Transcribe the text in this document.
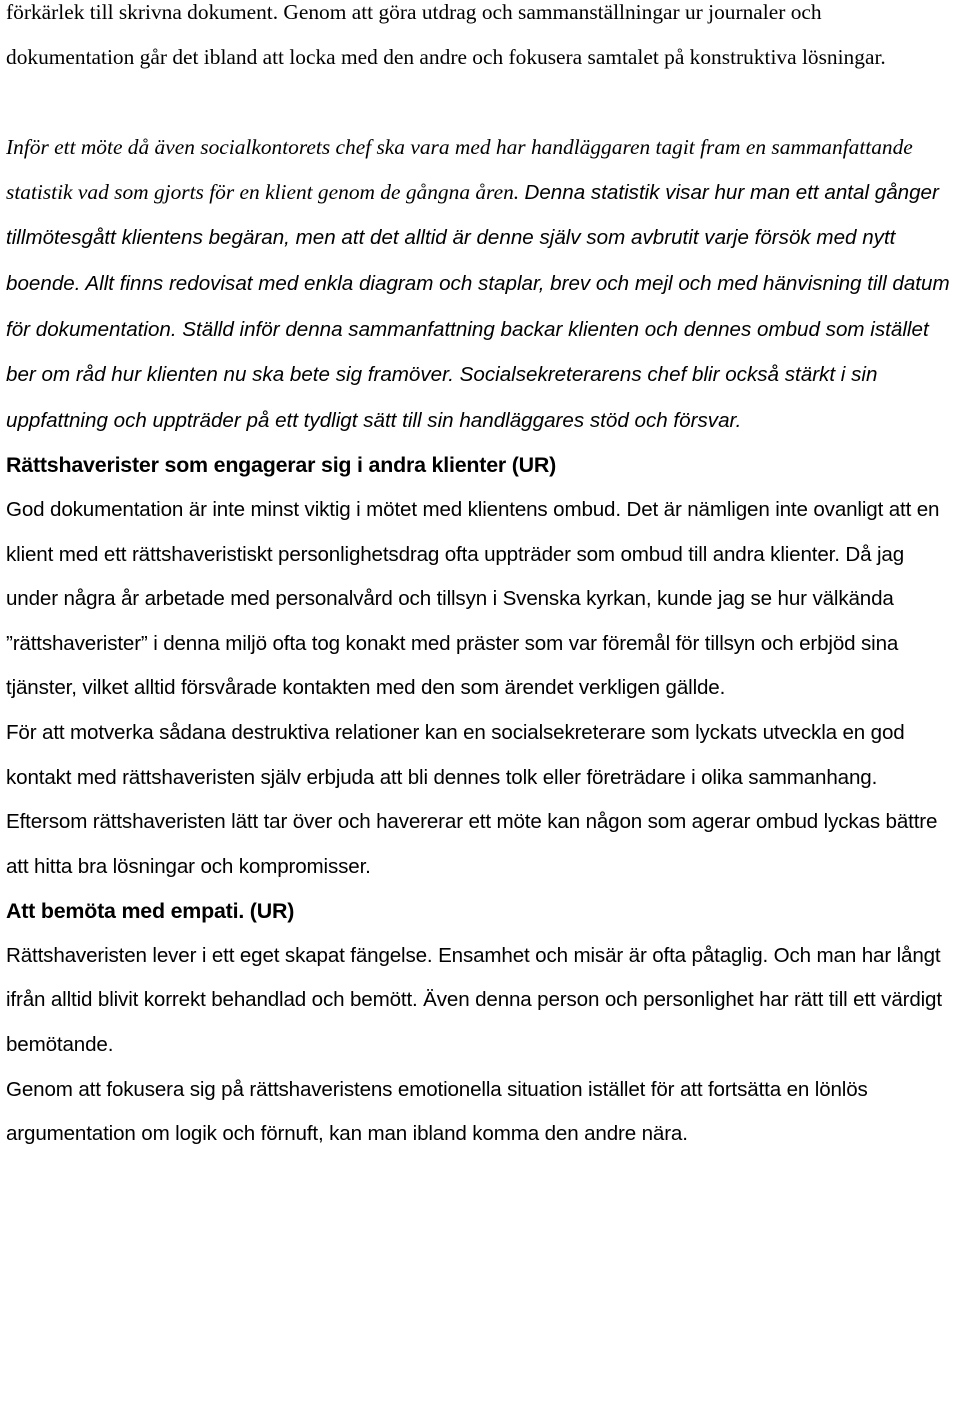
förkärlek till skrivna dokument. Genom att göra utdrag och sammanställningar ur journaler och dokumentation går det ibland att locka med den andre och fokusera samtalet på konstruktiva lösningar.

Inför ett möte då även socialkontorets chef ska vara med har handläggaren tagit fram en sammanfattande statistik vad som gjorts för en klient genom de gångna åren. Denna statistik visar hur man ett antal gånger tillmötesgått klientens begäran, men att det alltid är denne själv som avbrutit varje försök med nytt boende. Allt finns redovisat med enkla diagram och staplar, brev och mejl och med hänvisning till datum för dokumentation. Ställd inför denna sammanfattning backar klienten och dennes ombud som istället ber om råd hur klienten nu ska bete sig framöver. Socialsekreterarens chef blir också stärkt i sin uppfattning och uppträder på ett tydligt sätt till sin handläggares stöd och försvar.

Rättshaverister som engagerar sig i andra klienter (UR)

God dokumentation är inte minst viktig i mötet med klientens ombud. Det är nämligen inte ovanligt att en klient med ett rättshaveristiskt personlighetsdrag ofta uppträder som ombud till andra klienter. Då jag under några år arbetade med personalvård och tillsyn i Svenska kyrkan, kunde jag se hur välkända ”rättshaverister” i denna miljö ofta tog konakt med präster som var föremål för tillsyn och erbjöd sina tjänster, vilket alltid försvårade kontakten med den som ärendet verkligen gällde.

För att motverka sådana destruktiva relationer kan en socialsekreterare som lyckats utveckla en god kontakt med rättshaveristen själv erbjuda att bli dennes tolk eller företrädare i olika sammanhang. Eftersom rättshaveristen lätt tar över och havererar ett möte kan någon som agerar ombud lyckas bättre att hitta bra lösningar och kompromisser.

Att bemöta med empati. (UR)

Rättshaveristen lever i ett eget skapat fängelse. Ensamhet och misär är ofta påtaglig. Och man har långt ifrån alltid blivit korrekt behandlad och bemött. Även denna person och personlighet har rätt till ett värdigt bemötande.

Genom att fokusera sig på rättshaveristens emotionella situation istället för att fortsätta en lönlös argumentation om logik och förnuft, kan man ibland komma den andre nära.
